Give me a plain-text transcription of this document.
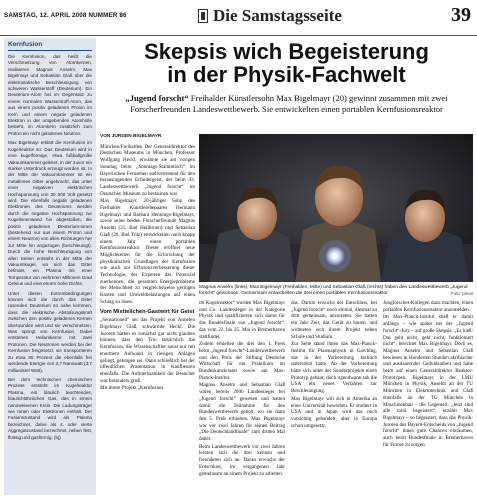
SAMSTAG, 12. APRIL 2008 NUMMER 86	Die Samstagsseite	39
Kernfusion

Die Kernfusion, das heißt die Verschmelzung von Atomkernen, realisieren Magnus Anselm, Max Bigelmayr und Sebastian Glaß über die elektrostatische Beschleunigung von schweren Wasserstoff (Deuterium). Ein Deuterium-Atom hat im Gegensatz zu einem normalen Wasserstoff-Atom, das aus einem positiv geladenen Proton im Kern und einem negativ geladenen Elektron in der umgebenden Atomhülle besteht, im Atomkern zusätzlich zum Proton ein nicht geladenes Neutron.

Max Bigelmayr erklärt die Kernfusion im Kugelreaktor so: Das Deuterium wird in eine kugelförmige, etwa fußballgroße Vakuumkammer geleitet, in der zuvor ein starker Unterdruck erzeugt worden ist. In der Mitte der Vakuumkammer ist ein metallenes Gitter angebracht, das unter einer negativen elektrischen Hochspannung von 30 000 Volt gesetzt wird. Die ebenfalls negativ geladenen Elektronen des Deuteriums werden durch die negative Hochspannung zur Kugelinnenwand hin abgestoßen, die positiv geladenen Deuterium-Ionen (bestehend nur aus einem Proton und einem Neutron) von allen Richtungen her zur Mitte hin angezogen (beschleunigt). Durch die hohe Beschleunigung von allen Seiten entsteht in der Mitte der Vakuumkugel, wo sich das Gitter befindet, ein Plasma mit einer Temperatur von mehreren Millionen Grad Celsius und eine enorm hohe Dichte.

Unter diesen Extrembedingungen können sich die durch das Gitter rasenden Deuterium so nahe kommen, dass die elektrische Abstoßungskraft zwischen den positiv geladenen Kernen überwunden wird und sie verschmelzen. Was springt von Kernfusion. Dabei entstehen Heliumkerne mit zwei Protonen. Die Neutronen werden bei der Kernfusion freigesetzt, sie transportieren zu etwa 85 Prozent die ebenfalls frei werdende Energie von 3,7 Nanowatt (3,7 milliardstel Watt).

Bei dem technischen chemischen Prozess entsteht im Kugelreaktor Plasma, ein bläulich leuchtendes, blaulichtähnliches Gas, das in einem nanoweisenen Kreis. Die Ladungsträger wie Ionen oder Elektronen enthält. Der Fusionszustand wird als Plasma bezeichnet, dabei als 4. oder vierte Aggregatzustand bezeichnet, neben fest, flüssig und gasförmig. (bj)

Skepsis wich Begeisterung
in der Physik-Fachwelt

„Jugend forscht“ Freihalder Künstlersohn Max Bigelmayr (20) gewinnt zusammen mit zwei Forscherfreunden Landeswettbewerb. Sie entwickelten einen portablen Kernfusionsreaktor

VON JÜRGEN BIGELMAYR

München/Freihalden Der Generaldirektor des Deutschen Museums in München, Professor Wolfgang Heckl, erwähnte sie am vorigen Sonntag beim „Sonntags-Stammtisch“ im Bayerischen Fernsehen stellvertretend für den herausragenden Erfindergeist, der beim 43. Landeswettbewerb „Jugend forscht“ im Deutschen Museum zu bestaunen war.

Max Bigelmayr, 20-jähriger Sohn des Freihalder Künstlerehepaares Hermann Bigelmayr und Barbara Hennings-Bigelmayr, sowie seine beiden Forscherfreunde Magnus Anselm (21, Bad Heilbrunn) und Sebastian Glaß (20, Bad Tölz) entwickelten nach knapp einem Jahr einen portablen Kernfusionsreaktor. Dieser eröffnet neue Möglichkeiten für die Erforschung der physikalischen Grundlagen der Kernfusion wie auch zur Effizienzverbesserung dieser Technologie, der Experten das Potenzial zuerkennen, die gesamten Energieprobleme der Menschheit zu vergleichsweise geringen Kosten und Umweltbelastungen auf einen Schlag zu lösen.

Vom Mistteilchen-Gastwirt für Geist

„Sensationell“ sei das Projekt von Annelen Bigelmayr Glaß, schwärmte Heckl. Die Juroren hätten es zunächst gar nicht glauben können, dass den Trio tatsächlich die Kernfusion, die Wissenschaftler sonst nur mit enormem Aufwand in riesigen Anlagen gelingt, gelungen sei. Dann schließlich bei der öffentlichen Präsentation in Kaufbeuren ebenfalls. Die Aufmerksamkeit der Besucher war besonders groß.

Mit ihrem Projekt „Kernfusion

Magnus Anselm (links), Max Bigelmayr (Freihalden, Mitte) und Sebastian Glaß (rechts) haben den Landeswettbewerb „Jugend forscht“ gewonnen. Gemeinsam entwickelten die drei einen portablen Kernfusionsreaktor.	Foto: privat

im Kugelreaktor“ wurden Max Bigelmayr und Co. Landessieger in der Kategorie Physik und qualifizierten sich damit für das Bundesfinale von „Jugend forscht“, das vom 22. bis 25. Mai in Bremerhaven stattfindet.

Zudem erhielten die drei den 1. Preis beim „Jugend forscht“-Landeswettbewerb und den Preis der Stiftung Deutsche Wirtschaft für ein Praktikum im Bundeskanzleramt sowie am Max-Planck-Institut.

Magnus Anselm und Sebastian Glaß waren bereits 2006 Landessieger bei „Jugend forscht“ gewesen und hatten damit die Teilnahme für den Bundeswettbewerb geholt, wo sie dann den 5. Preis erhielten. Max Bigelmayr war vor zwei Jahren für seinen Beitrag „Die Deutschlandfinale“ zum dritten Mal dabei.

Beim Landeswettbewerb vor zwei Jahren lernten sich die drei kennen und freundeten sich an. Daran erwuchs der Entschluss, im vergangenen Jahr gemeinsam an einem Projekt zu arbeiten.

das. Darum erwuchs der Entschluss, bei „Jugend forscht“ noch einmal, diesmal zu dritt gemeinsam, anzutreten. Sie hatten ein Jahr Zeit, das Gerät zu bauen, und widmeten sich ihrem Projekt neben Schule und Studium.

Zur Seite stand ihnen das Max-Planck-Institut für Plasmaphysik in Garching, das in der Vorbereitung fachlich unterstützt hatte. Ab der Vorbereitung hätte sich unter der Sonderprojekte einen Prototyp gebaut, doch irgendwann sah die USA ein neues Verfahren zur Beschleunigung.

Max Bigelmayr will sich in Amerika an einer Universität bewerben. Er studiert in USA und in Japan wird das noch vorsichtig gehandelt, aber in Europa schon umgesetzt.

Jungforscher-Kollegen dazu machten, einen portablen Kernfusionsreaktor anzumelden.

Im Max-Planck-Institut stieß er damit anfangs – wie später bei der „Jugend forscht“-Jury – auf große Skepsis. „Es hieß: Das geht nicht, geht nicht, funktioniert nicht“, berichtet Max Bigelmayr. Doch es, Magnus Anselm und Sebastian Glaß bewiesen in Hunderten Stunden akribischer und ausdauernder Geduldsarbeit und habe beim auf einen Generaldirektor Reaktor-Prototypen. Bigelmayr in der LMU München in Physik, Anselm an der TU München in Elektrotechnik und Glaß ebenfalls an der TU München in Maschinenbau – die Gegenteil. „Jetzt sind alle total begeistert“, erzählt Max Bigelmayr – so begeistert, dass das Physik-Juroren des Bayern-Entscheids von „Jugend forscht“ ihnen gute Chancen einräumen, auch beim Bundesfinale in Bremerhaven für Furore zu sorgen.
